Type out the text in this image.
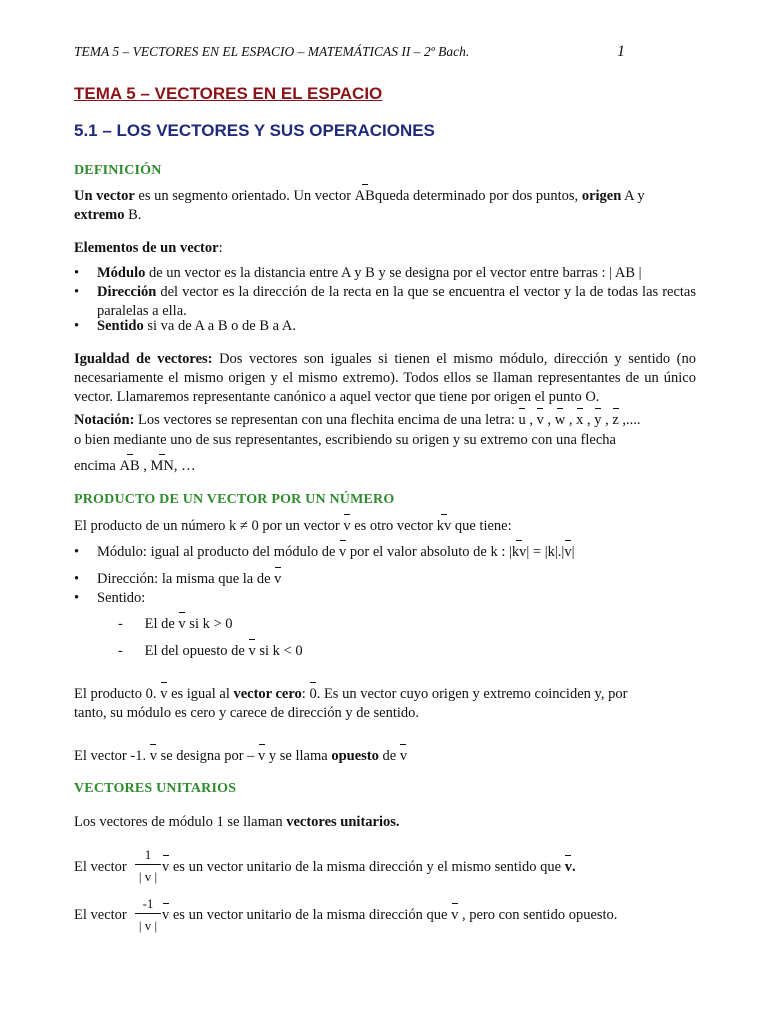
TEMA 5 – VECTORES EN EL ESPACIO – MATEMÁTICAS II – 2º Bach.	1
TEMA 5 – VECTORES EN EL ESPACIO
5.1 – LOS VECTORES Y SUS OPERACIONES
DEFINICIÓN
Un vector es un segmento orientado. Un vector ABqueda determinado por dos puntos, origen A y
extremo B.
Elementos de un vector:
• Módulo de un vector es la distancia entre A y B y se designa por el vector entre barras : | AB |
• Dirección del vector es la dirección de la recta en la que se encuentra el vector y la de todas las rectas paralelas a ella.
• Sentido si va de A a B o de B a A.
Igualdad de vectores: Dos vectores son iguales si tienen el mismo módulo, dirección y sentido (no necesariamente el mismo origen y el mismo extremo). Todos ellos se llaman representantes de un único vector. Llamaremos representante canónico a aquel vector que tiene por origen el punto O.
Notación: Los vectores se representan con una flechita encima de una letra: u , v , w , x , y , z ,....
o bien mediante uno de sus representantes, escribiendo su origen y su extremo con una flecha
encima AB , MN, …
PRODUCTO DE UN VECTOR POR UN NÚMERO
El producto de un número k ≠ 0 por un vector v es otro vector kv que tiene:
• Módulo: igual al producto del módulo de v por el valor absoluto de k : |kv| = |k|.|v|
• Dirección: la misma que la de v
• Sentido:
-      El de v si k > 0
-      El del opuesto de v si k < 0
El producto 0. v es igual al vector cero: 0. Es un vector cuyo origen y extremo coinciden y, por
tanto, su módulo es cero y carece de dirección y de sentido.
El vector -1. v se designa por – v y se llama opuesto de v
VECTORES UNITARIOS
Los vectores de módulo 1 se llaman vectores unitarios.
El vector
1
| v |
v es un vector unitario de la misma dirección y el mismo sentido que v.
El vector
-1
| v |
v es un vector unitario de la misma dirección que v , pero con sentido opuesto.
